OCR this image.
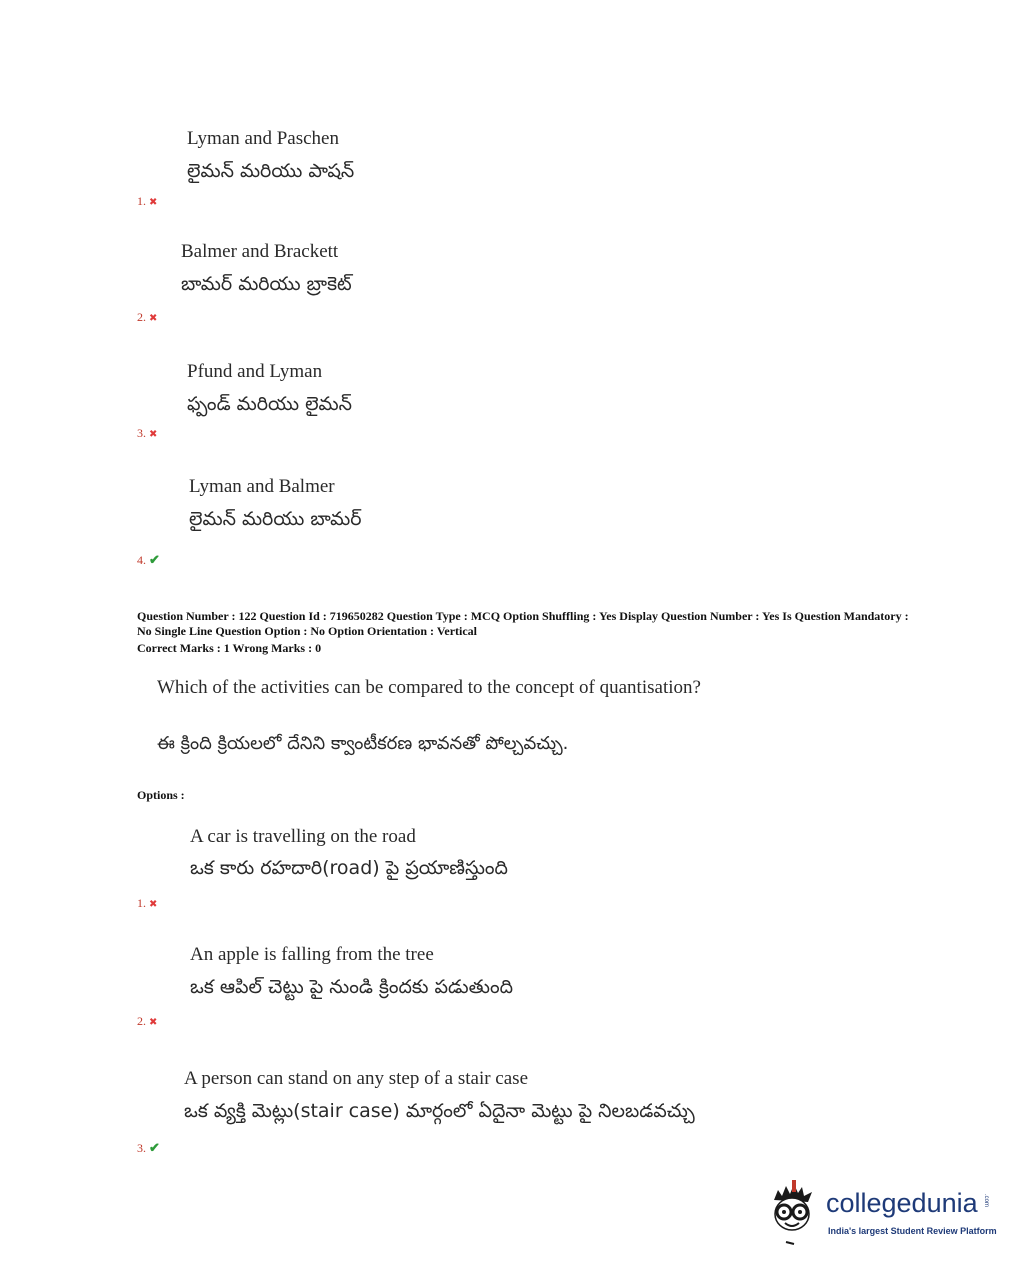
Lyman and Paschen
లైమన్ మరియు పాషన్
1. ✖
Balmer and Brackett
బామర్ మరియు బ్రాకెట్
2. ✖
Pfund and Lyman
ఫ్పండ్ మరియు లైమన్
3. ✖
Lyman and Balmer
లైమన్ మరియు బామర్
4. ✔
Question Number : 122 Question Id : 719650282 Question Type : MCQ Option Shuffling : Yes Display Question Number : Yes Is Question Mandatory : No Single Line Question Option : No Option Orientation : Vertical
Correct Marks : 1 Wrong Marks : 0
Which of the activities can be compared to the concept of quantisation?
ఈ క్రింది క్రియలలో దేనిని క్వాంటీకరణ భావనతో పోల్చవచ్చు.
Options :
A car is travelling on the road
ఒక కారు రహదారి(road) పై ప్రయాణిస్తుంది
1. ✖
An apple is falling from the tree
ఒక ఆపిల్ చెట్టు పై నుండి క్రిందకు పడుతుంది
2. ✖
A person can stand on any step of a stair case
ఒక వ్యక్తి మెట్లు(stair case) మార్గంలో ఏదైనా మెట్టు పై నిలబడవచ్చు
3. ✔
collegedunia .com
India's largest Student Review Platform
